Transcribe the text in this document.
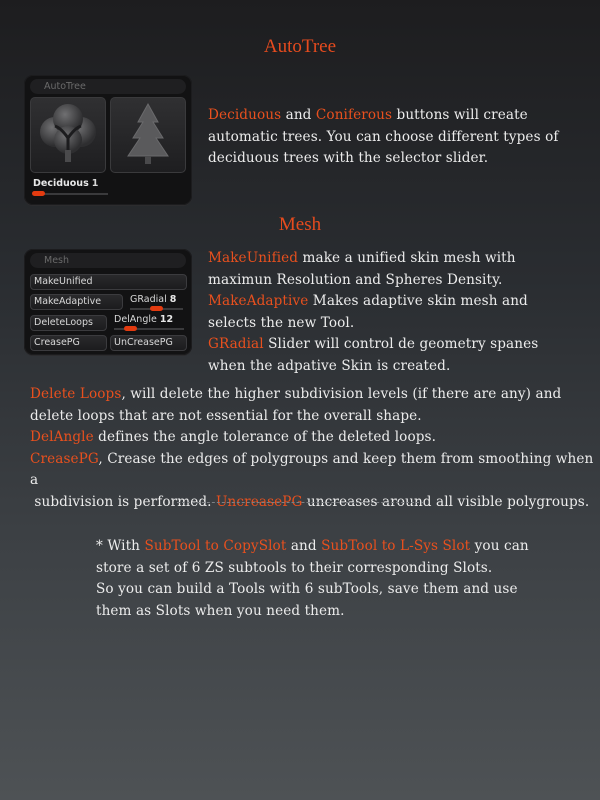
AutoTree
AutoTree
Deciduous 1
Deciduous and Coniferous buttons will create automatic trees. You can choose different types of deciduous trees with the selector slider.
Mesh
Mesh
MakeUnified
MakeAdaptive	GRadial 8
DeleteLoops	DelAngle 12
CreasePG	UnCreasePG
MakeUnified make a unified skin mesh with maximun Resolution and Spheres Density.
MakeAdaptive Makes adaptive skin mesh and selects the new Tool.
GRadial Slider will control de geometry spanes when the adpative Skin is created.
Delete Loops, will delete the higher subdivision levels (if there are any) and delete loops that are not essential for the overall shape.
DelAngle defines the angle tolerance of the deleted loops.
CreasePG, Crease the edges of polygroups and keep them from smoothing when a
subdivision is performed. UncreasePG uncreases around all visible polygroups.
* With SubTool to CopySlot and SubTool to L-Sys Slot you can store a set of 6 ZS subtools to their corresponding Slots.
So you can build a Tools with 6 subTools, save them and use them as Slots when you need them.
